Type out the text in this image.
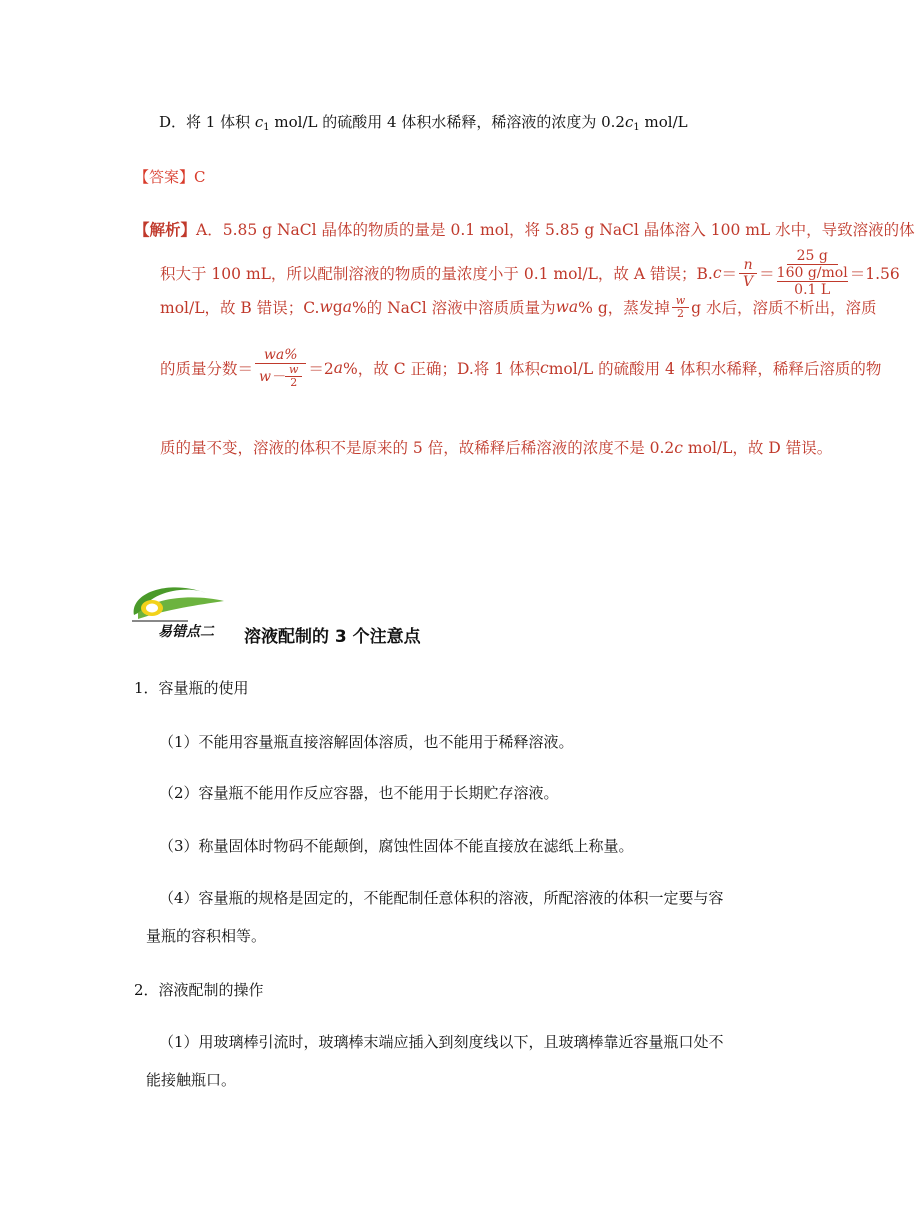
D．将 1 体积 $c_1$ mol/L 的硫酸用 4 体积水稀释，稀溶液的浓度为 $0.2c_1$ mol/L
【答案】C
【解析】A．5.85 g NaCl 晶体的物质的量是 0.1 mol，将 5.85 g NaCl 晶体溶入 100 mL 水中，导致溶液的体
积大于 100 mL，所以配制溶液的物质的量浓度小于 0.1 mol/L，故 A 错误；B. $c = \frac{n}{V} = 25$ g
160 g/mol
0.1 L ＝1.56
mol/L，故 B 错误；C. w g a %的 NaCl 溶液中溶质质量为 wa % g，蒸发掉 $\frac{w}{2}$ g 水后，溶质不析出，溶质
的质量分数＝ $\frac{wa\%}{w- \frac{w}{2}} =2$ a %，故 C 正确；D.将 1 体积 c mol/L 的硫酸用 4 体积水稀释，稀释后溶质的物
质的量不变，溶液的体积不是原来的 5 倍，故稀释后稀溶液的浓度不是 0.2c mol/L，故 D 错误。
易错点二 溶液配制的 3 个注意点
1．容量瓶的使用
（1）不能用容量瓶直接溶解固体溶质，也不能用于稀释溶液。
（2）容量瓶不能用作反应容器，也不能用于长期贮存溶液。
（3）称量固体时物码不能颠倒，腐蚀性固体不能直接放在滤纸上称量。
（4）容量瓶的规格是固定的，不能配制任意体积的溶液，所配溶液的体积一定要与容
量瓶的容积相等。
2．溶液配制的操作
（1）用玻璃棒引流时，玻璃棒末端应插入到刻度线以下，且玻璃棒靠近容量瓶口处不
能接触瓶口。
